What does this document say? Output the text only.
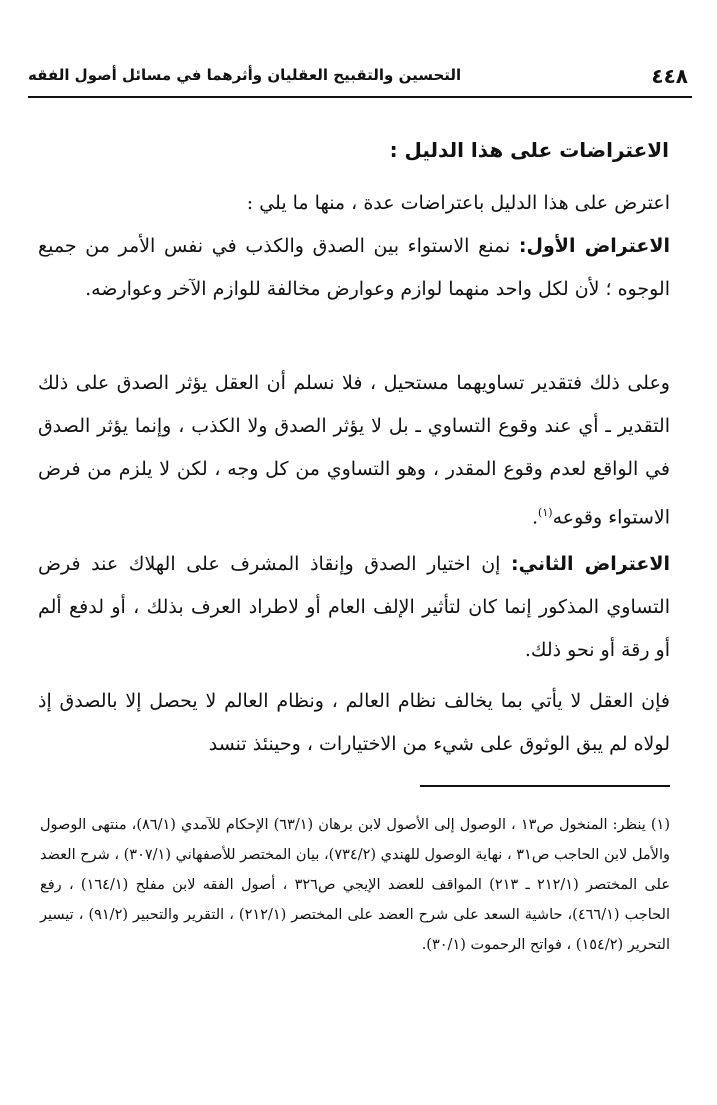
التحسين والتقبيح العقليان وأثرهما في مسائل أصول الفقه	٤٤٨
الاعتراضات على هذا الدليل :
اعترض على هذا الدليل باعتراضات عدة ، منها ما يلي :
الاعتراض الأول: نمنع الاستواء بين الصدق والكذب في نفس الأمر من جميع الوجوه ؛ لأن لكل واحد منهما لوازم وعوارض مخالفة للوازم الآخر وعوارضه.
وعلى ذلك فتقدير تساويهما مستحيل ، فلا نسلم أن العقل يؤثر الصدق على ذلك التقدير ـ أي عند وقوع التساوي ـ بل لا يؤثر الصدق ولا الكذب ، وإنما يؤثر الصدق في الواقع لعدم وقوع المقدر ، وهو التساوي من كل وجه ، لكن لا يلزم من فرض الاستواء وقوعه$^{(١)}$.
الاعتراض الثاني: إن اختيار الصدق وإنقاذ المشرف على الهلاك عند فرض التساوي المذكور إنما كان لتأثير الإلف العام أو لاطراد العرف بذلك ، أو لدفع ألم أو رقة أو نحو ذلك.
فإن العقل لا يأتي بما يخالف نظام العالم ، ونظام العالم لا يحصل إلا بالصدق إذ لولاه لم يبق الوثوق على شيء من الاختيارات ، وحينئذ تنسد
(١) ينظر: المنخول ص١٣ ، الوصول إلى الأصول لابن برهان (٦٣/١) الإحكام للآمدي (٨٦/١)، منتهى الوصول والأمل لابن الحاجب ص٣١ ، نهاية الوصول للهندي (٧٣٤/٢)، بيان المختصر للأصفهاني (٣٠٧/١) ، شرح العضد على المختصر (٢١٢/١ ـ ٢١٣) المواقف للعضد الإيجي ص٣٢٦ ، أصول الفقه لابن مفلح (١٦٤/١) ، رفع الحاجب (٤٦٦/١)، حاشية السعد على شرح العضد على المختصر (٢١٢/١) ، التقرير والتحبير (٩١/٢) ، تيسير التحرير (١٥٤/٢) ، فواتح الرحموت (٣٠/١).
